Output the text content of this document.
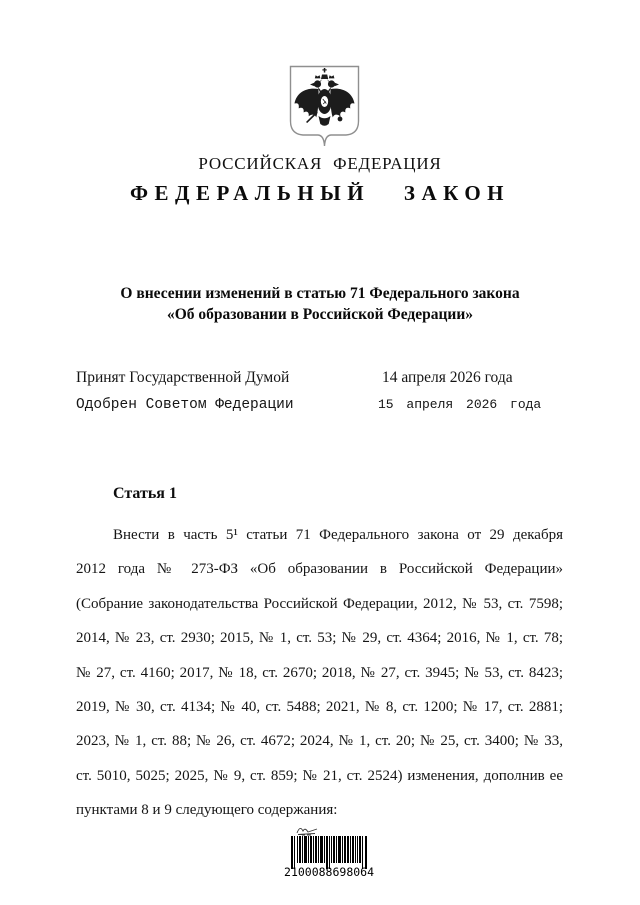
РОССИЙСКАЯ ФЕДЕРАЦИЯ
ФЕДЕРАЛЬНЫЙ ЗАКОН
О внесении изменений в статью 71 Федерального закона
«Об образовании в Российской Федерации»
Принят Государственной Думой	14 апреля 2026 года
Одобрен Советом Федерации	15 апреля 2026 года
Статья 1
Внести в часть 5¹ статьи 71 Федерального закона от 29 декабря
2012 года № 273-ФЗ «Об образовании в Российской Федерации»
(Собрание законодательства Российской Федерации, 2012, № 53, ст. 7598;
2014, № 23, ст. 2930; 2015, № 1, ст. 53; № 29, ст. 4364; 2016, № 1, ст. 78;
№ 27, ст. 4160; 2017, № 18, ст. 2670; 2018, № 27, ст. 3945; № 53, ст. 8423;
2019, № 30, ст. 4134; № 40, ст. 5488; 2021, № 8, ст. 1200; № 17, ст. 2881;
2023, № 1, ст. 88; № 26, ст. 4672; 2024, № 1, ст. 20; № 25, ст. 3400; № 33,
ст. 5010, 5025; 2025, № 9, ст. 859; № 21, ст. 2524) изменения, дополнив ее
пунктами 8 и 9 следующего содержания:
2 100088 69806 4
